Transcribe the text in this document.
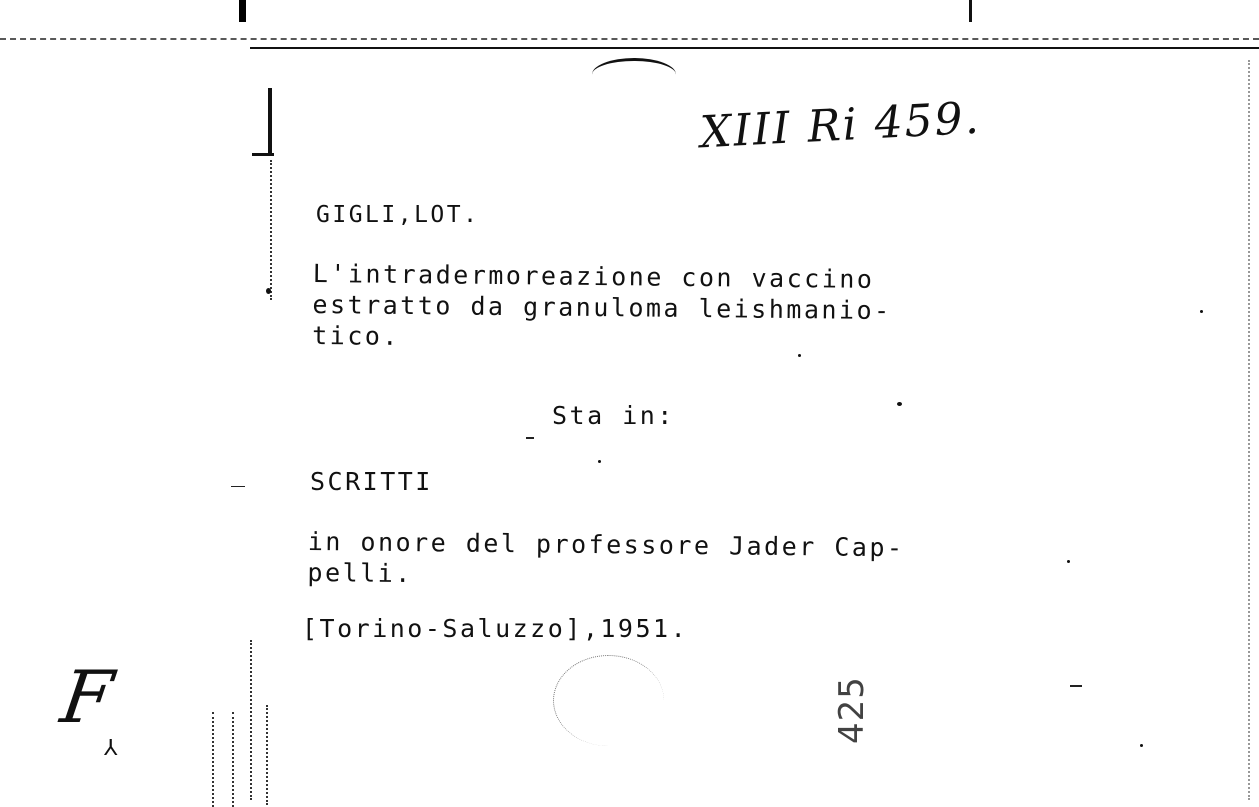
XIII Ri 459.
GIGLI,LOT.
L'intradermoreazione con vaccino
estratto da granuloma leishmanio-
tico.
Sta in:
SCRITTI
in onore del professore Jader Cap-
pelli.
[Torino-Saluzzo],1951.
F
⅄
425
